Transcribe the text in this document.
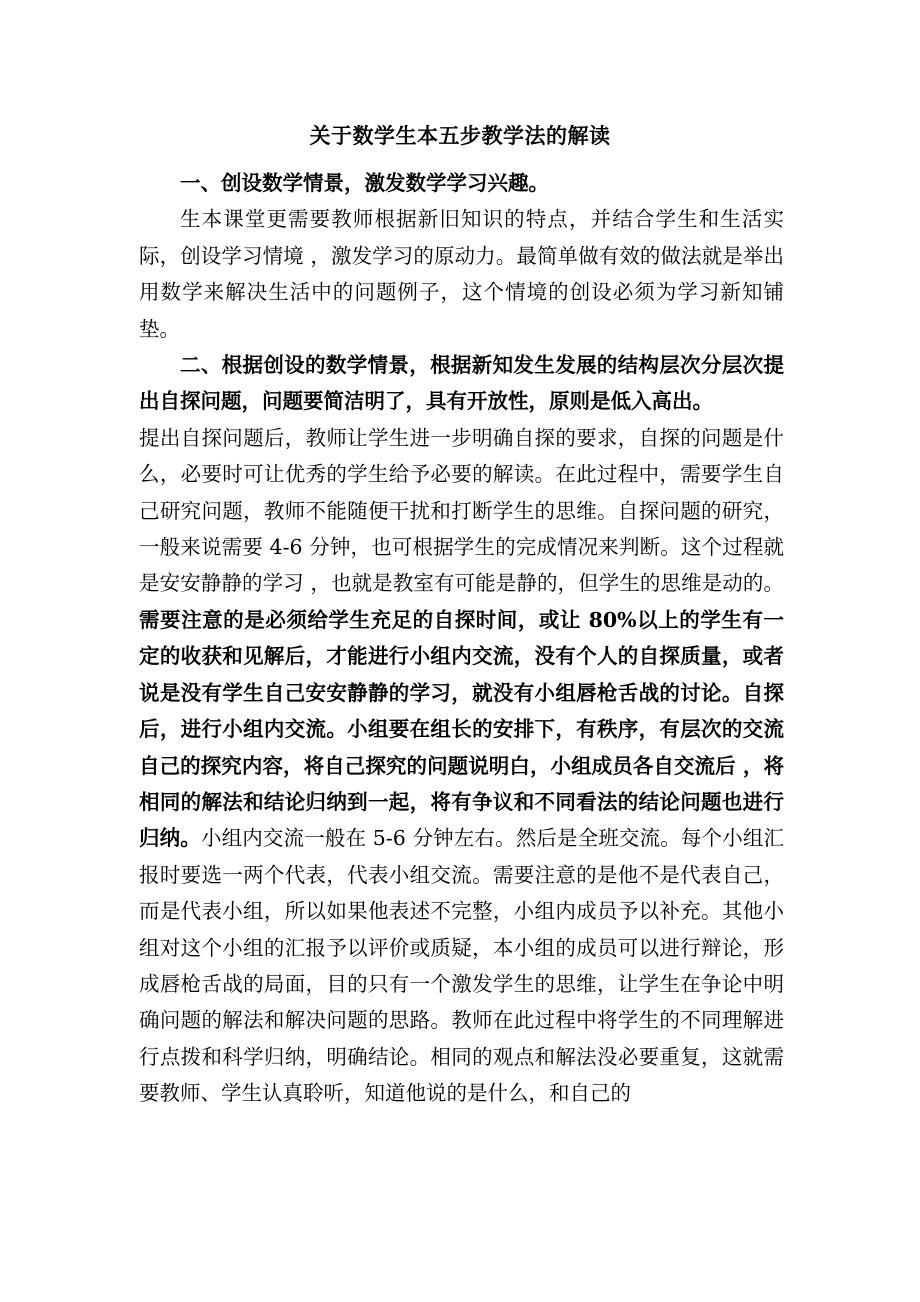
关于数学生本五步教学法的解读

一、创设数学情景，激发数学学习兴趣。

生本课堂更需要教师根据新旧知识的特点，并结合学生和生活实际，创设学习情境 ，激发学习的原动力。最简单做有效的做法就是举出用数学来解决生活中的问题例子，这个情境的创设必须为学习新知铺垫。

二、根据创设的数学情景，根据新知发生发展的结构层次分层次提出自探问题，问题要简洁明了，具有开放性，原则是低入高出。

提出自探问题后，教师让学生进一步明确自探的要求，自探的问题是什么，必要时可让优秀的学生给予必要的解读。在此过程中，需要学生自己研究问题，教师不能随便干扰和打断学生的思维。自探问题的研究，一般来说需要 4-6 分钟，也可根据学生的完成情况来判断。这个过程就是安安静静的学习 ，也就是教室有可能是静的，但学生的思维是动的。需要注意的是必须给学生充足的自探时间，或让 80%以上的学生有一定的收获和见解后，才能进行小组内交流，没有个人的自探质量，或者说是没有学生自己安安静静的学习，就没有小组唇枪舌战的讨论。自探后，进行小组内交流。小组要在组长的安排下，有秩序，有层次的交流自己的探究内容，将自己探究的问题说明白，小组成员各自交流后 ，将相同的解法和结论归纳到一起，将有争议和不同看法的结论问题也进行归纳。小组内交流一般在 5-6 分钟左右。然后是全班交流。每个小组汇报时要选一两个代表，代表小组交流。需要注意的是他不是代表自己，而是代表小组，所以如果他表述不完整，小组内成员予以补充。其他小组对这个小组的汇报予以评价或质疑，本小组的成员可以进行辩论，形成唇枪舌战的局面，目的只有一个激发学生的思维，让学生在争论中明确问题的解法和解决问题的思路。教师在此过程中将学生的不同理解进行点拨和科学归纳，明确结论。相同的观点和解法没必要重复，这就需要教师、学生认真聆听，知道他说的是什么，和自己的
